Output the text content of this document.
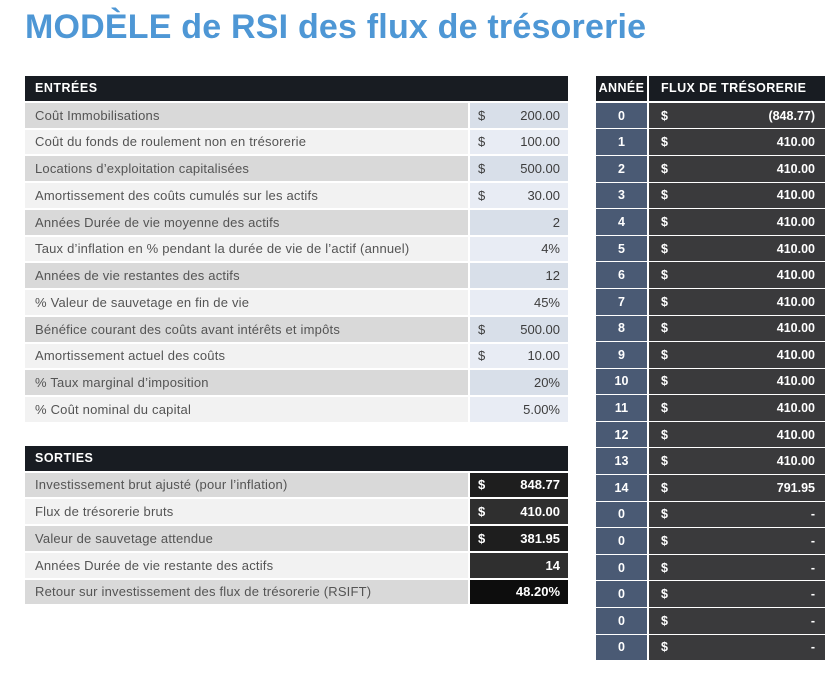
MODÈLE de RSI des flux de trésorerie
ENTRÉES
Coût Immobilisations	$	200.00
Coût du fonds de roulement non en trésorerie	$	100.00
Locations d’exploitation capitalisées	$	500.00
Amortissement des coûts cumulés sur les actifs	$	30.00
Années Durée de vie moyenne des actifs	2
Taux d’inflation en % pendant la durée de vie de l’actif (annuel)	4%
Années de vie restantes des actifs	12
% Valeur de sauvetage en fin de vie	45%
Bénéfice courant des coûts avant intérêts et impôts	$	500.00
Amortissement actuel des coûts	$	10.00
% Taux marginal d’imposition	20%
% Coût nominal du capital	5.00%
SORTIES
Investissement brut ajusté (pour l’inflation)	$	848.77
Flux de trésorerie bruts	$	410.00
Valeur de sauvetage attendue	$	381.95
Années Durée de vie restante des actifs	14
Retour sur investissement des flux de trésorerie (RSIFT)	48.20%
ANNÉE	FLUX DE TRÉSORERIE
0	$	(848.77)
1	$	410.00
2	$	410.00
3	$	410.00
4	$	410.00
5	$	410.00
6	$	410.00
7	$	410.00
8	$	410.00
9	$	410.00
10	$	410.00
11	$	410.00
12	$	410.00
13	$	410.00
14	$	791.95
0	$	-
0	$	-
0	$	-
0	$	-
0	$	-
0	$	-
